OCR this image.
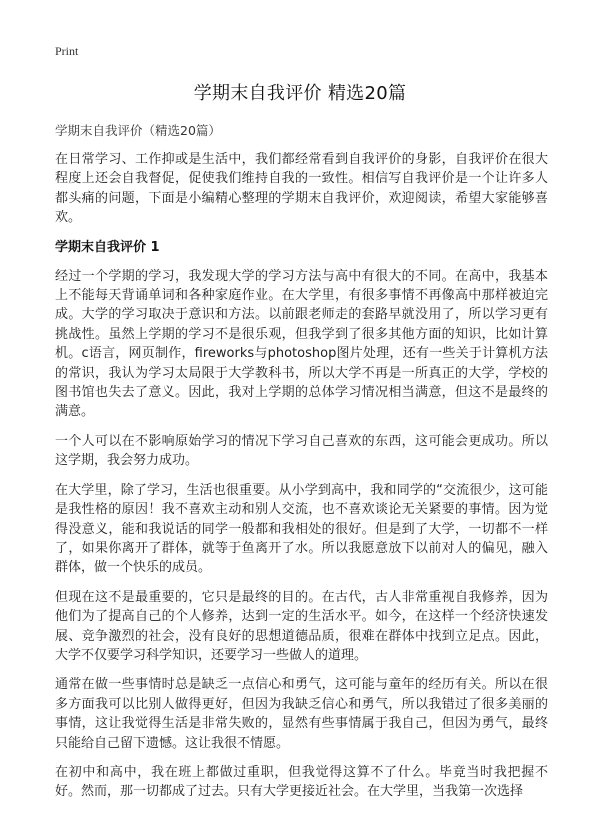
Print
学期末自我评价 精选20篇

学期末自我评价（精选20篇）

在日常学习、工作抑或是生活中，我们都经常看到自我评价的身影，自我评价在很大程度上还会自我督促，促使我们维持自我的一致性。相信写自我评价是一个让许多人都头痛的问题，下面是小编精心整理的学期末自我评价，欢迎阅读，希望大家能够喜欢。

学期末自我评价 1

经过一个学期的学习，我发现大学的学习方法与高中有很大的不同。在高中，我基本上不能每天背诵单词和各种家庭作业。在大学里，有很多事情不再像高中那样被迫完成。大学的学习取决于意识和方法。以前跟老师走的套路早就没用了，所以学习更有挑战性。虽然上学期的学习不是很乐观，但我学到了很多其他方面的知识，比如计算机。c语言，网页制作，fireworks与photoshop图片处理，还有一些关于计算机方法的常识，我认为学习太局限于大学教科书，所以大学不再是一所真正的大学，学校的图书馆也失去了意义。因此，我对上学期的总体学习情况相当满意，但这不是最终的满意。

一个人可以在不影响原始学习的情况下学习自己喜欢的东西，这可能会更成功。所以这学期，我会努力成功。

在大学里，除了学习，生活也很重要。从小学到高中，我和同学的“交流很少，这可能是我性格的原因！我不喜欢主动和别人交流，也不喜欢谈论无关紧要的事情。因为觉得没意义，能和我说话的同学一般都和我相处的很好。但是到了大学，一切都不一样了，如果你离开了群体，就等于鱼离开了水。所以我愿意放下以前对人的偏见，融入群体，做一个快乐的成员。

但现在这不是最重要的，它只是最终的目的。在古代，古人非常重视自我修养，因为他们为了提高自己的个人修养，达到一定的生活水平。如今，在这样一个经济快速发展、竞争激烈的社会，没有良好的思想道德品质，很难在群体中找到立足点。因此，大学不仅要学习科学知识，还要学习一些做人的道理。

通常在做一些事情时总是缺乏一点信心和勇气，这可能与童年的经历有关。所以在很多方面我可以比别人做得更好，但因为我缺乏信心和勇气，所以我错过了很多美丽的事情，这让我觉得生活是非常失败的，显然有些事情属于我自己，但因为勇气，最终只能给自己留下遗憾。这让我很不情愿。

在初中和高中，我在班上都做过重职，但我觉得这算不了什么。毕竟当时我把握不好。然而，那一切都成了过去。只有大学更接近社会。在大学里，当我第一次选择
